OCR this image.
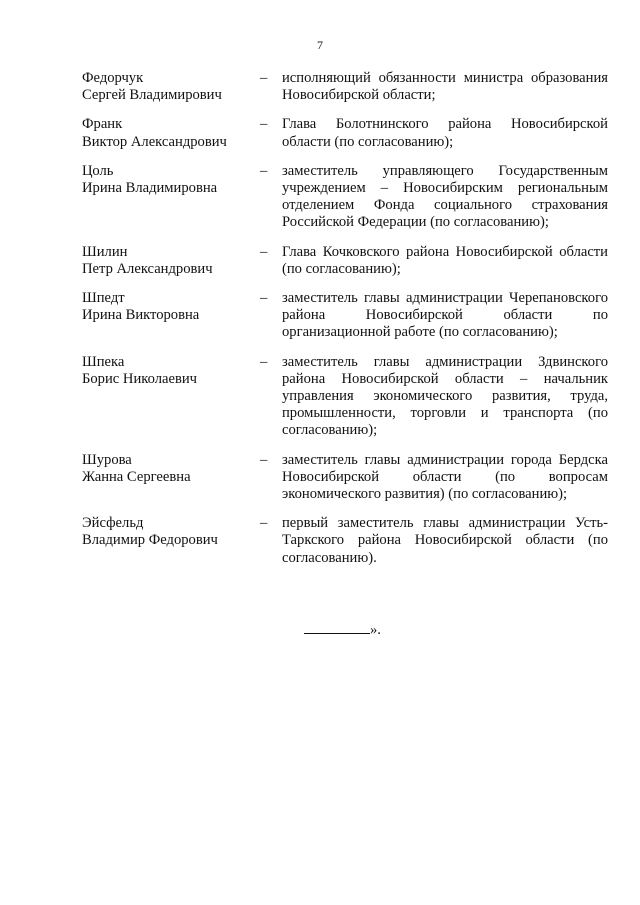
7
Федорчук
Сергей Владимирович
–	исполняющий обязанности министра образования Новосибирской области;
Франк
Виктор Александрович
–	Глава Болотнинского района Новосибирской области (по согласованию);
Цоль
Ирина Владимировна
–	заместитель управляющего Государственным учреждением – Новосибирским региональным отделением Фонда социального страхования Российской Федерации (по согласованию);
Шилин
Петр Александрович
–	Глава Кочковского района Новосибирской области (по согласованию);
Шпедт
Ирина Викторовна
–	заместитель главы администрации Черепановского района Новосибирской области по организационной работе (по согласованию);
Шпека
Борис Николаевич
–	заместитель главы администрации Здвинского района Новосибирской области – начальник управления экономического развития, труда, промышленности, торговли и транспорта (по согласованию);
Шурова
Жанна Сергеевна
–	заместитель главы администрации города Бердска Новосибирской области (по вопросам экономического развития) (по согласованию);
Эйсфельд
Владимир Федорович
–	первый заместитель главы администрации Усть-Таркского района Новосибирской области (по согласованию).
».
